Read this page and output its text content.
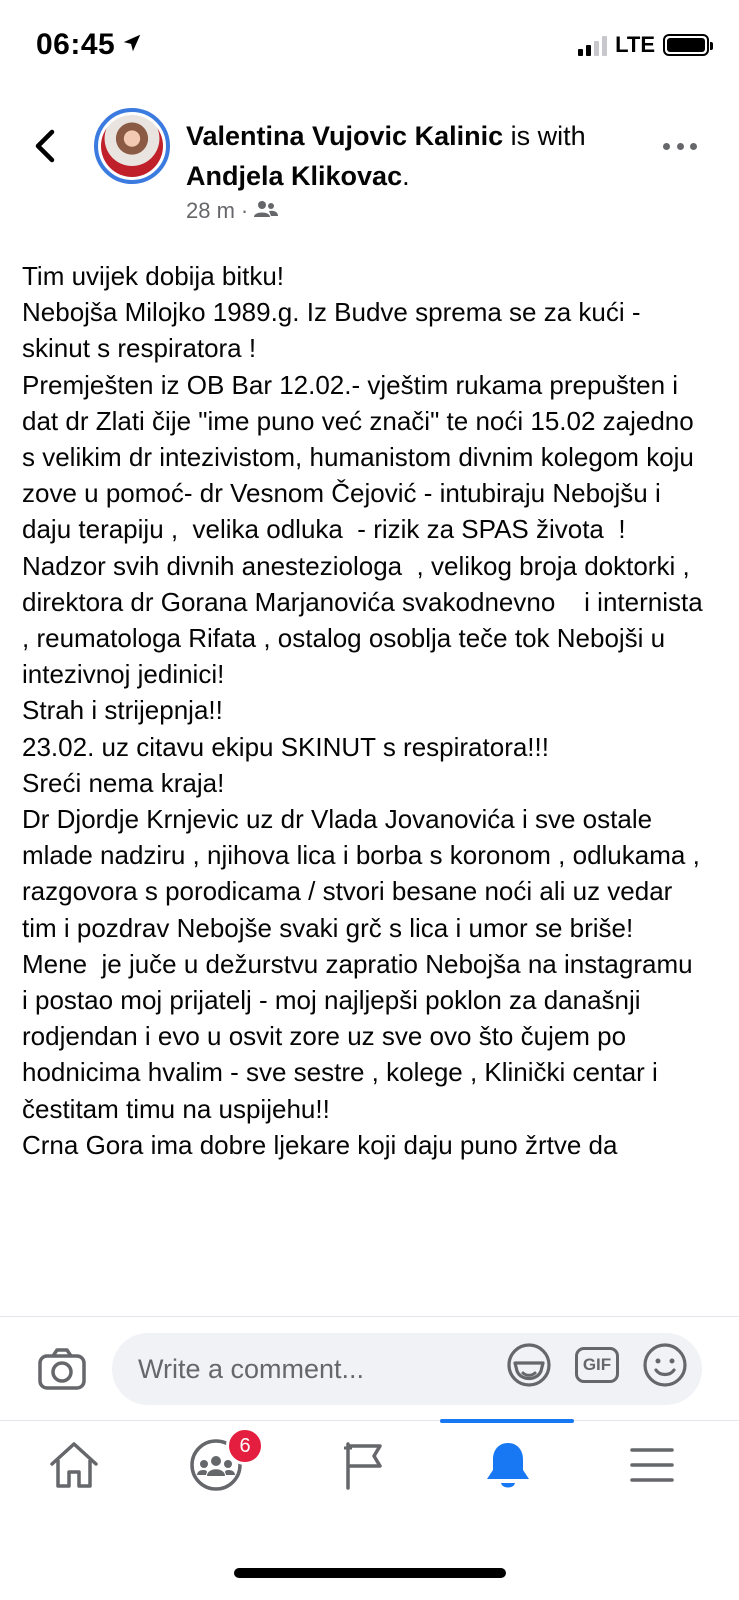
06:45	LTE
Valentina Vujovic Kalinic is with Andjela Klikovac.
28 m ·

Tim uvijek dobija bitku!
Nebojša Milojko 1989.g. Iz Budve sprema se za kući - skinut s respiratora !
Premješten iz OB Bar 12.02.- vještim rukama prepušten i dat dr Zlati čije "ime puno već znači" te noći 15.02 zajedno s velikim dr intezivistom, humanistom divnim kolegom koju zove u pomoć- dr Vesnom Čejović - intubiraju Nebojšu i daju terapiju ,  velika odluka  - rizik za SPAS života  !
Nadzor svih divnih anesteziologa  , velikog broja doktorki , direktora dr Gorana Marjanovića svakodnevno    i internista , reumatologa Rifata , ostalog osoblja teče tok Nebojši u intezivnoj jedinici!
Strah i strijepnja!!
23.02. uz citavu ekipu SKINUT s respiratora!!!
Sreći nema kraja!
Dr Djordje Krnjevic uz dr Vlada Jovanovića i sve ostale mlade nadziru , njihova lica i borba s koronom , odlukama , razgovora s porodicama / stvori besane noći ali uz vedar tim i pozdrav Nebojše svaki grč s lica i umor se briše!     Mene  je juče u dežurstvu zapratio Nebojša na instagramu   i postao moj prijatelj - moj najljepši poklon za današnji rodjendan i evo u osvit zore uz sve ovo što čujem po hodnicima hvalim - sve sestre , kolege , Klinički centar i čestitam timu na uspijehu!!
Crna Gora ima dobre ljekare koji daju puno žrtve da

Write a comment...	GIF
6
